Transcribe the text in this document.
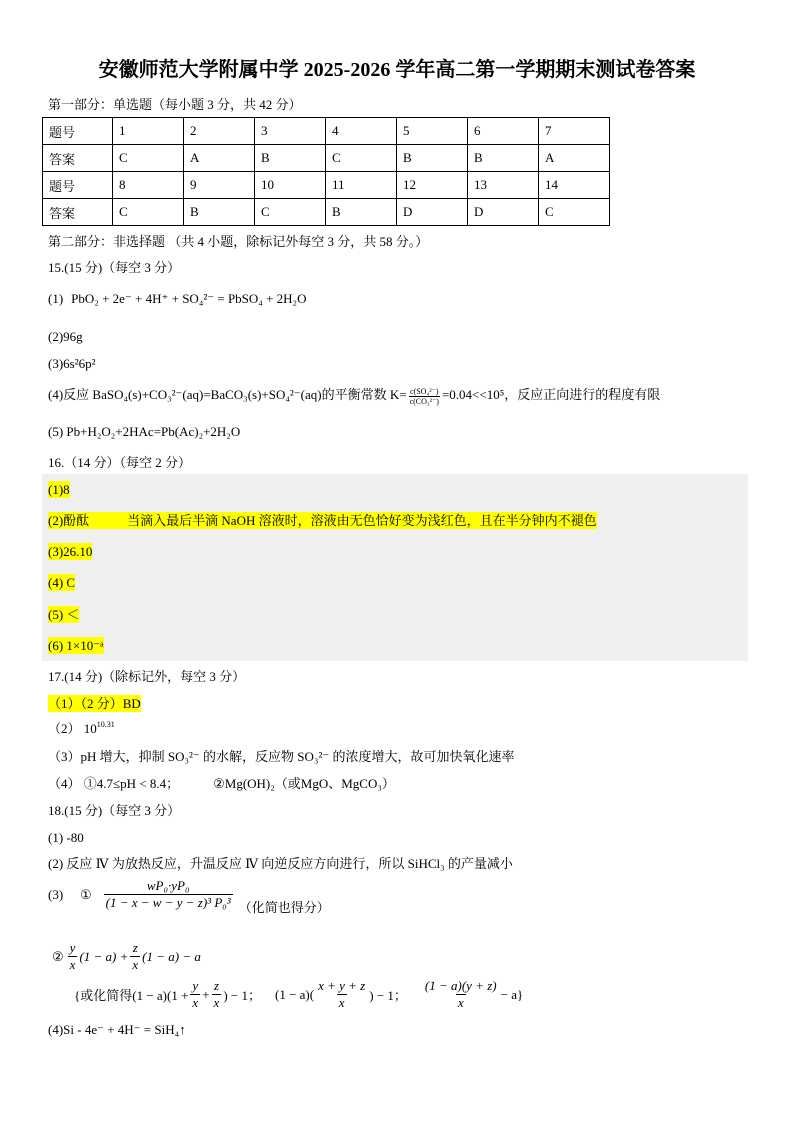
安徽师范大学附属中学 2025-2026 学年高二第一学期期末测试卷答案
第一部分：单选题（每小题 3 分，共 42 分）
题号	1	2	3	4	5	6	7
答案	C	A	B	C	B	B	A
题号	8	9	10	11	12	13	14
答案	C	B	C	B	D	D	C
第二部分：非选择题 （共 4 小题，除标记外每空 3 分，共 58 分。）
15.(15 分)（每空 3 分）
(1) PbO₂ + 2e⁻ + 4H⁺ + SO₄²⁻ = PbSO₄ + 2H₂O
(2)96g
(3)6s²6p²
(4)反应 BaSO₄(s)+CO₃²⁻(aq)=BaCO₃(s)+SO₄²⁻(aq)的平衡常数 $K= \frac{\text{c(SO₄²⁻)}}{\text{c(CO₃²⁻)}} =0.04<<10^5$，反应正向进行的程度有限
(5) Pb+H₂O₂+2HAc=Pb(Ac)₂+2H₂O
16.（14 分）（每空 2 分）
(1)8
(2)酚酞	当滴入最后半滴 NaOH 溶液时，溶液由无色恰好变为浅红色，且在半分钟内不褪色
(3)26.10
(4) C
(5) ＜
(6) 1×10⁻ᵃ
17.(14 分)（除标记外，每空 3 分）
（1）（2 分）BD
（2） $10^{10.31}$
（3）pH 增大，抑制 SO₃²⁻ 的水解，反应物 SO₃²⁻ 的浓度增大，故可加快氧化速率
（4） ①4.7≤pH < 8.4；	②Mg(OH)₂（或MgO、MgCO₃）
18.(15 分)（每空 3 分）
(1) -80
(2) 反应 Ⅳ 为放热反应，升温反应 Ⅳ 向逆反应方向进行，所以 SiHCl₃ 的产量减小
(3)	① $\frac{\text{wP₀·yP₀}}{\text{(1 − x − w − y − z)³ P₀³}}$ （化简也得分）
② $\frac{y}{x} (1 - a) + \frac{z}{x} (1 - a) - a$
{或化简得$(1 - a)(1 + \frac{y}{x} + \frac{z}{x}$ ) − 1； $(1 - a)( \frac{x + y + z}{x}$ ) − 1； $\frac{(1 - a)(y + z)}{x} - a$}
(4)Si - 4e⁻ + 4H⁻ = SiH₄↑
